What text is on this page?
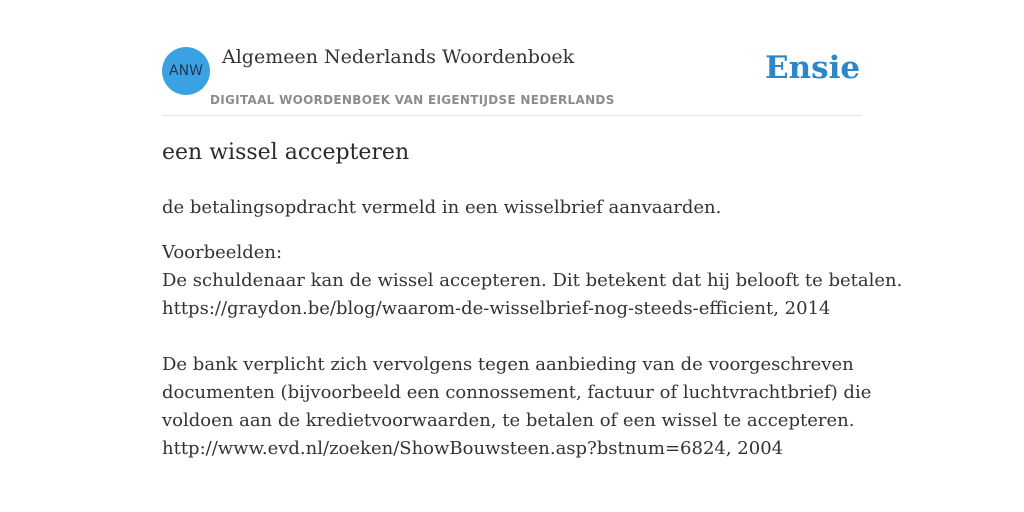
ANW
Algemeen Nederlands Woordenboek
DIGITAAL WOORDENBOEK VAN EIGENTIJDSE NEDERLANDS
Ensie
een wissel accepteren
de betalingsopdracht vermeld in een wisselbrief aanvaarden.
Voorbeelden:
De schuldenaar kan de wissel accepteren. Dit betekent dat hij belooft te betalen.
https://graydon.be/blog/waarom-de-wisselbrief-nog-steeds-efficient, 2014
De bank verplicht zich vervolgens tegen aanbieding van de voorgeschreven
documenten (bijvoorbeeld een connossement, factuur of luchtvrachtbrief) die
voldoen aan de kredietvoorwaarden, te betalen of een wissel te accepteren.
http://www.evd.nl/zoeken/ShowBouwsteen.asp?bstnum=6824, 2004
